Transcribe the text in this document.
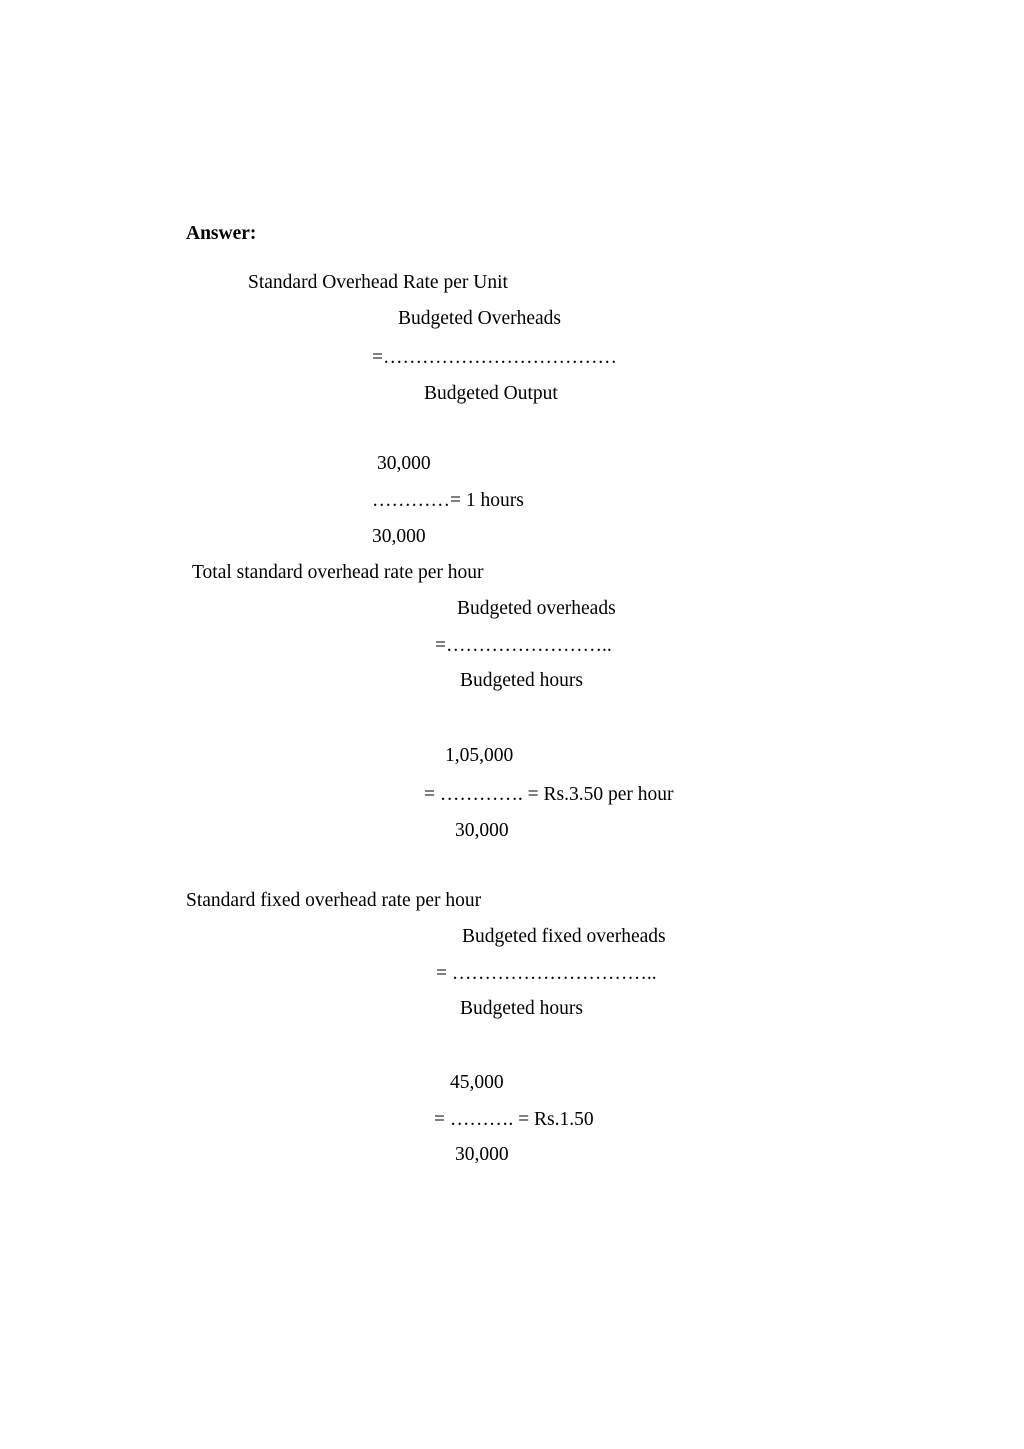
Answer:
Standard Overhead Rate per Unit
Budgeted Overheads
=………………………………
Budgeted Output
30,000
…………= 1 hours
30,000
Total standard overhead rate per hour
Budgeted overheads
=……………………..
Budgeted hours
1,05,000
= …………. = Rs.3.50 per hour
30,000
Standard fixed overhead rate per hour
Budgeted fixed overheads
= …………………………..
Budgeted hours
45,000
= ………. = Rs.1.50
30,000
